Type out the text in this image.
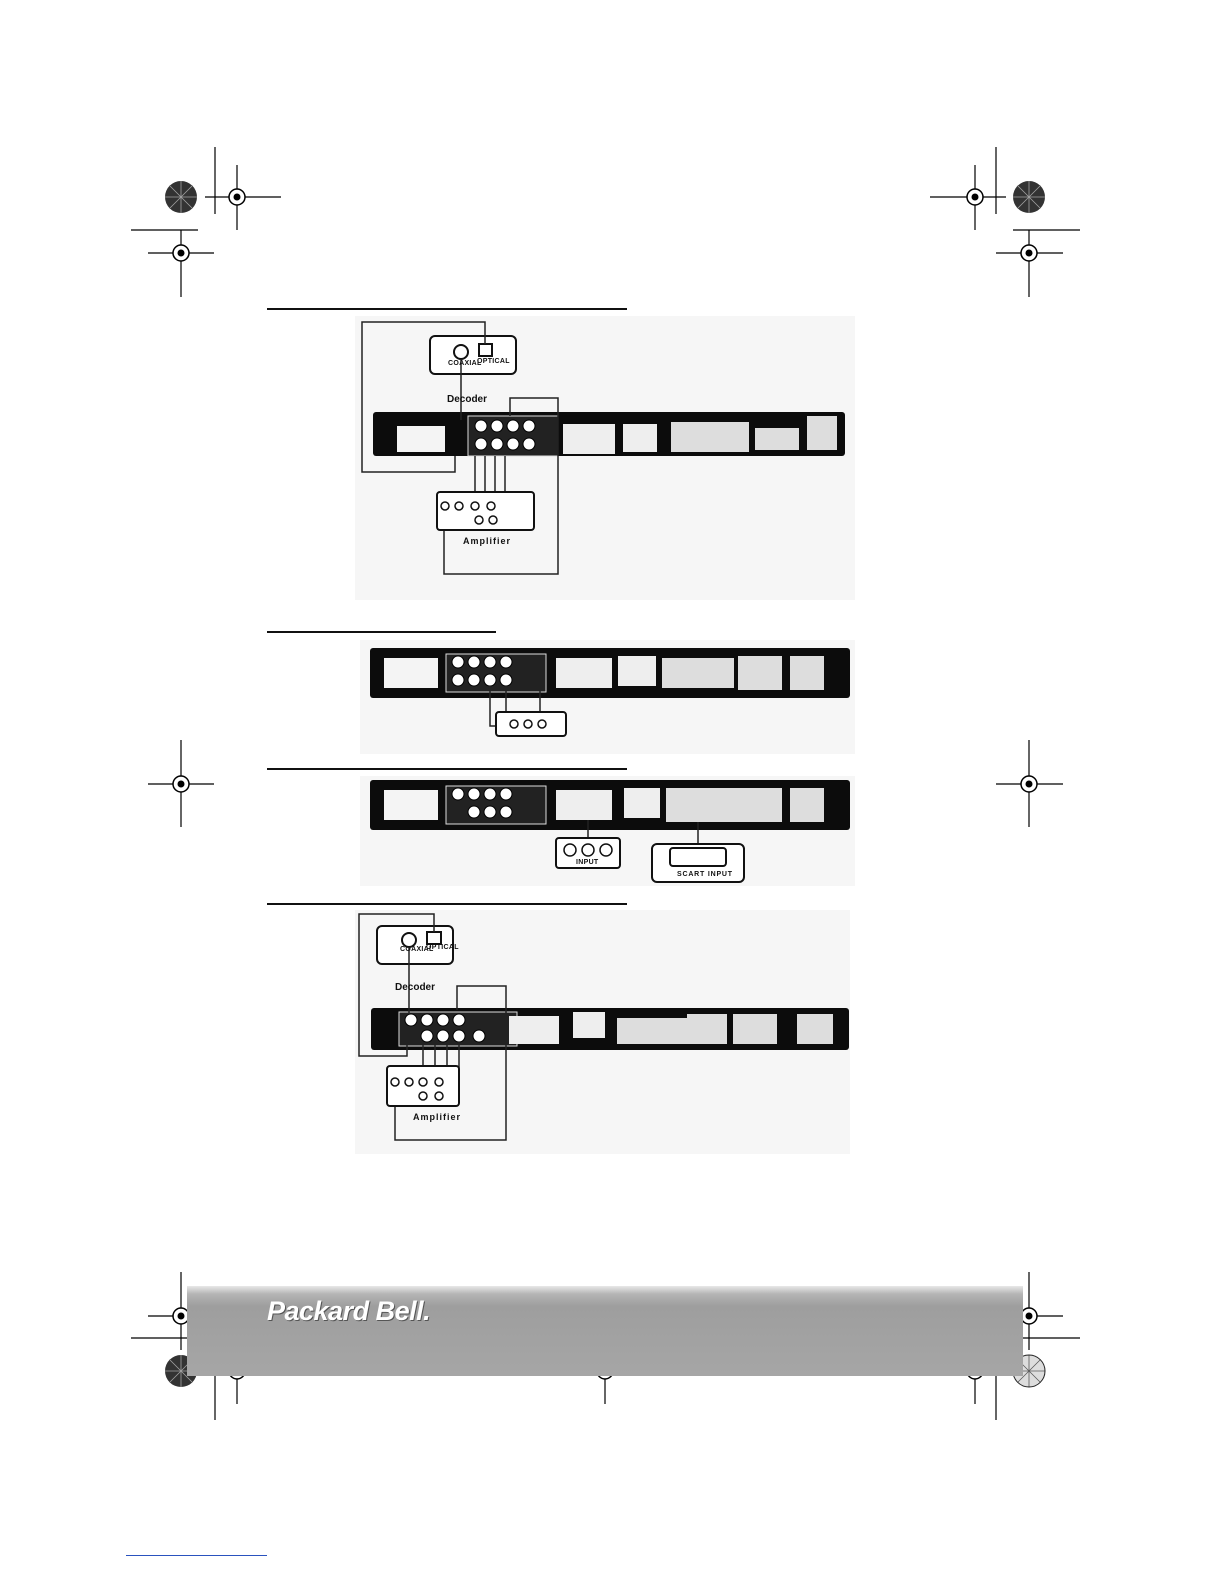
COAXIAL
OPTICAL
Decoder
Amplifier
INPUT
SCART INPUT
COAXIAL
OPTICAL
Decoder
Amplifier
Packard Bell.
